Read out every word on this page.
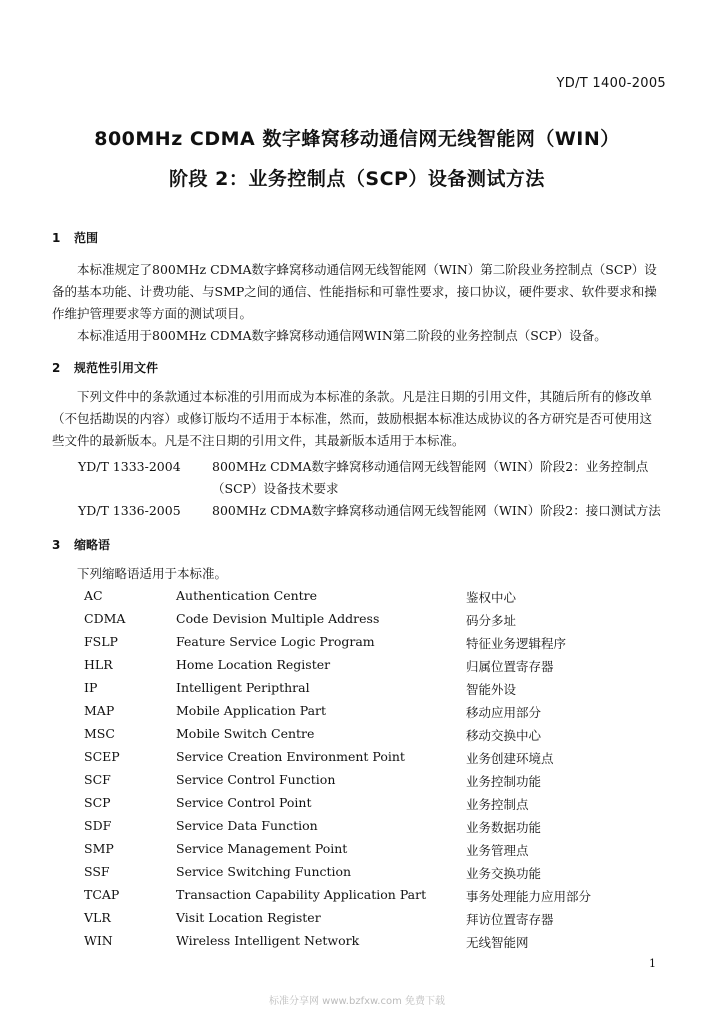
YD/T 1400-2005
800MHz CDMA 数字蜂窝移动通信网无线智能网（WIN）
阶段 2：业务控制点（SCP）设备测试方法
1 范围
本标准规定了800MHz CDMA数字蜂窝移动通信网无线智能网（WIN）第二阶段业务控制点（SCP）设备的基本功能、计费功能、与SMP之间的通信、性能指标和可靠性要求，接口协议，硬件要求、软件要求和操作维护管理要求等方面的测试项目。
本标准适用于800MHz CDMA数字蜂窝移动通信网WIN第二阶段的业务控制点（SCP）设备。
2 规范性引用文件
下列文件中的条款通过本标准的引用而成为本标准的条款。凡是注日期的引用文件，其随后所有的修改单（不包括勘误的内容）或修订版均不适用于本标准，然而，鼓励根据本标准达成协议的各方研究是否可使用这些文件的最新版本。凡是不注日期的引用文件，其最新版本适用于本标准。
YD/T 1333-2004	800MHz CDMA数字蜂窝移动通信网无线智能网（WIN）阶段2：业务控制点（SCP）设备技术要求
YD/T 1336-2005	800MHz CDMA数字蜂窝移动通信网无线智能网（WIN）阶段2：接口测试方法
3 缩略语
下列缩略语适用于本标准。
AC	Authentication Centre	鉴权中心
CDMA	Code Devision Multiple Address	码分多址
FSLP	Feature Service Logic Program	特征业务逻辑程序
HLR	Home Location Register	归属位置寄存器
IP	Intelligent Peripthral	智能外设
MAP	Mobile Application Part	移动应用部分
MSC	Mobile Switch Centre	移动交换中心
SCEP	Service Creation Environment Point	业务创建环境点
SCF	Service Control Function	业务控制功能
SCP	Service Control Point	业务控制点
SDF	Service Data Function	业务数据功能
SMP	Service Management Point	业务管理点
SSF	Service Switching Function	业务交换功能
TCAP	Transaction Capability Application Part	事务处理能力应用部分
VLR	Visit Location Register	拜访位置寄存器
WIN	Wireless Intelligent Network	无线智能网
1
标准分享网 www.bzfxw.com 免费下载
